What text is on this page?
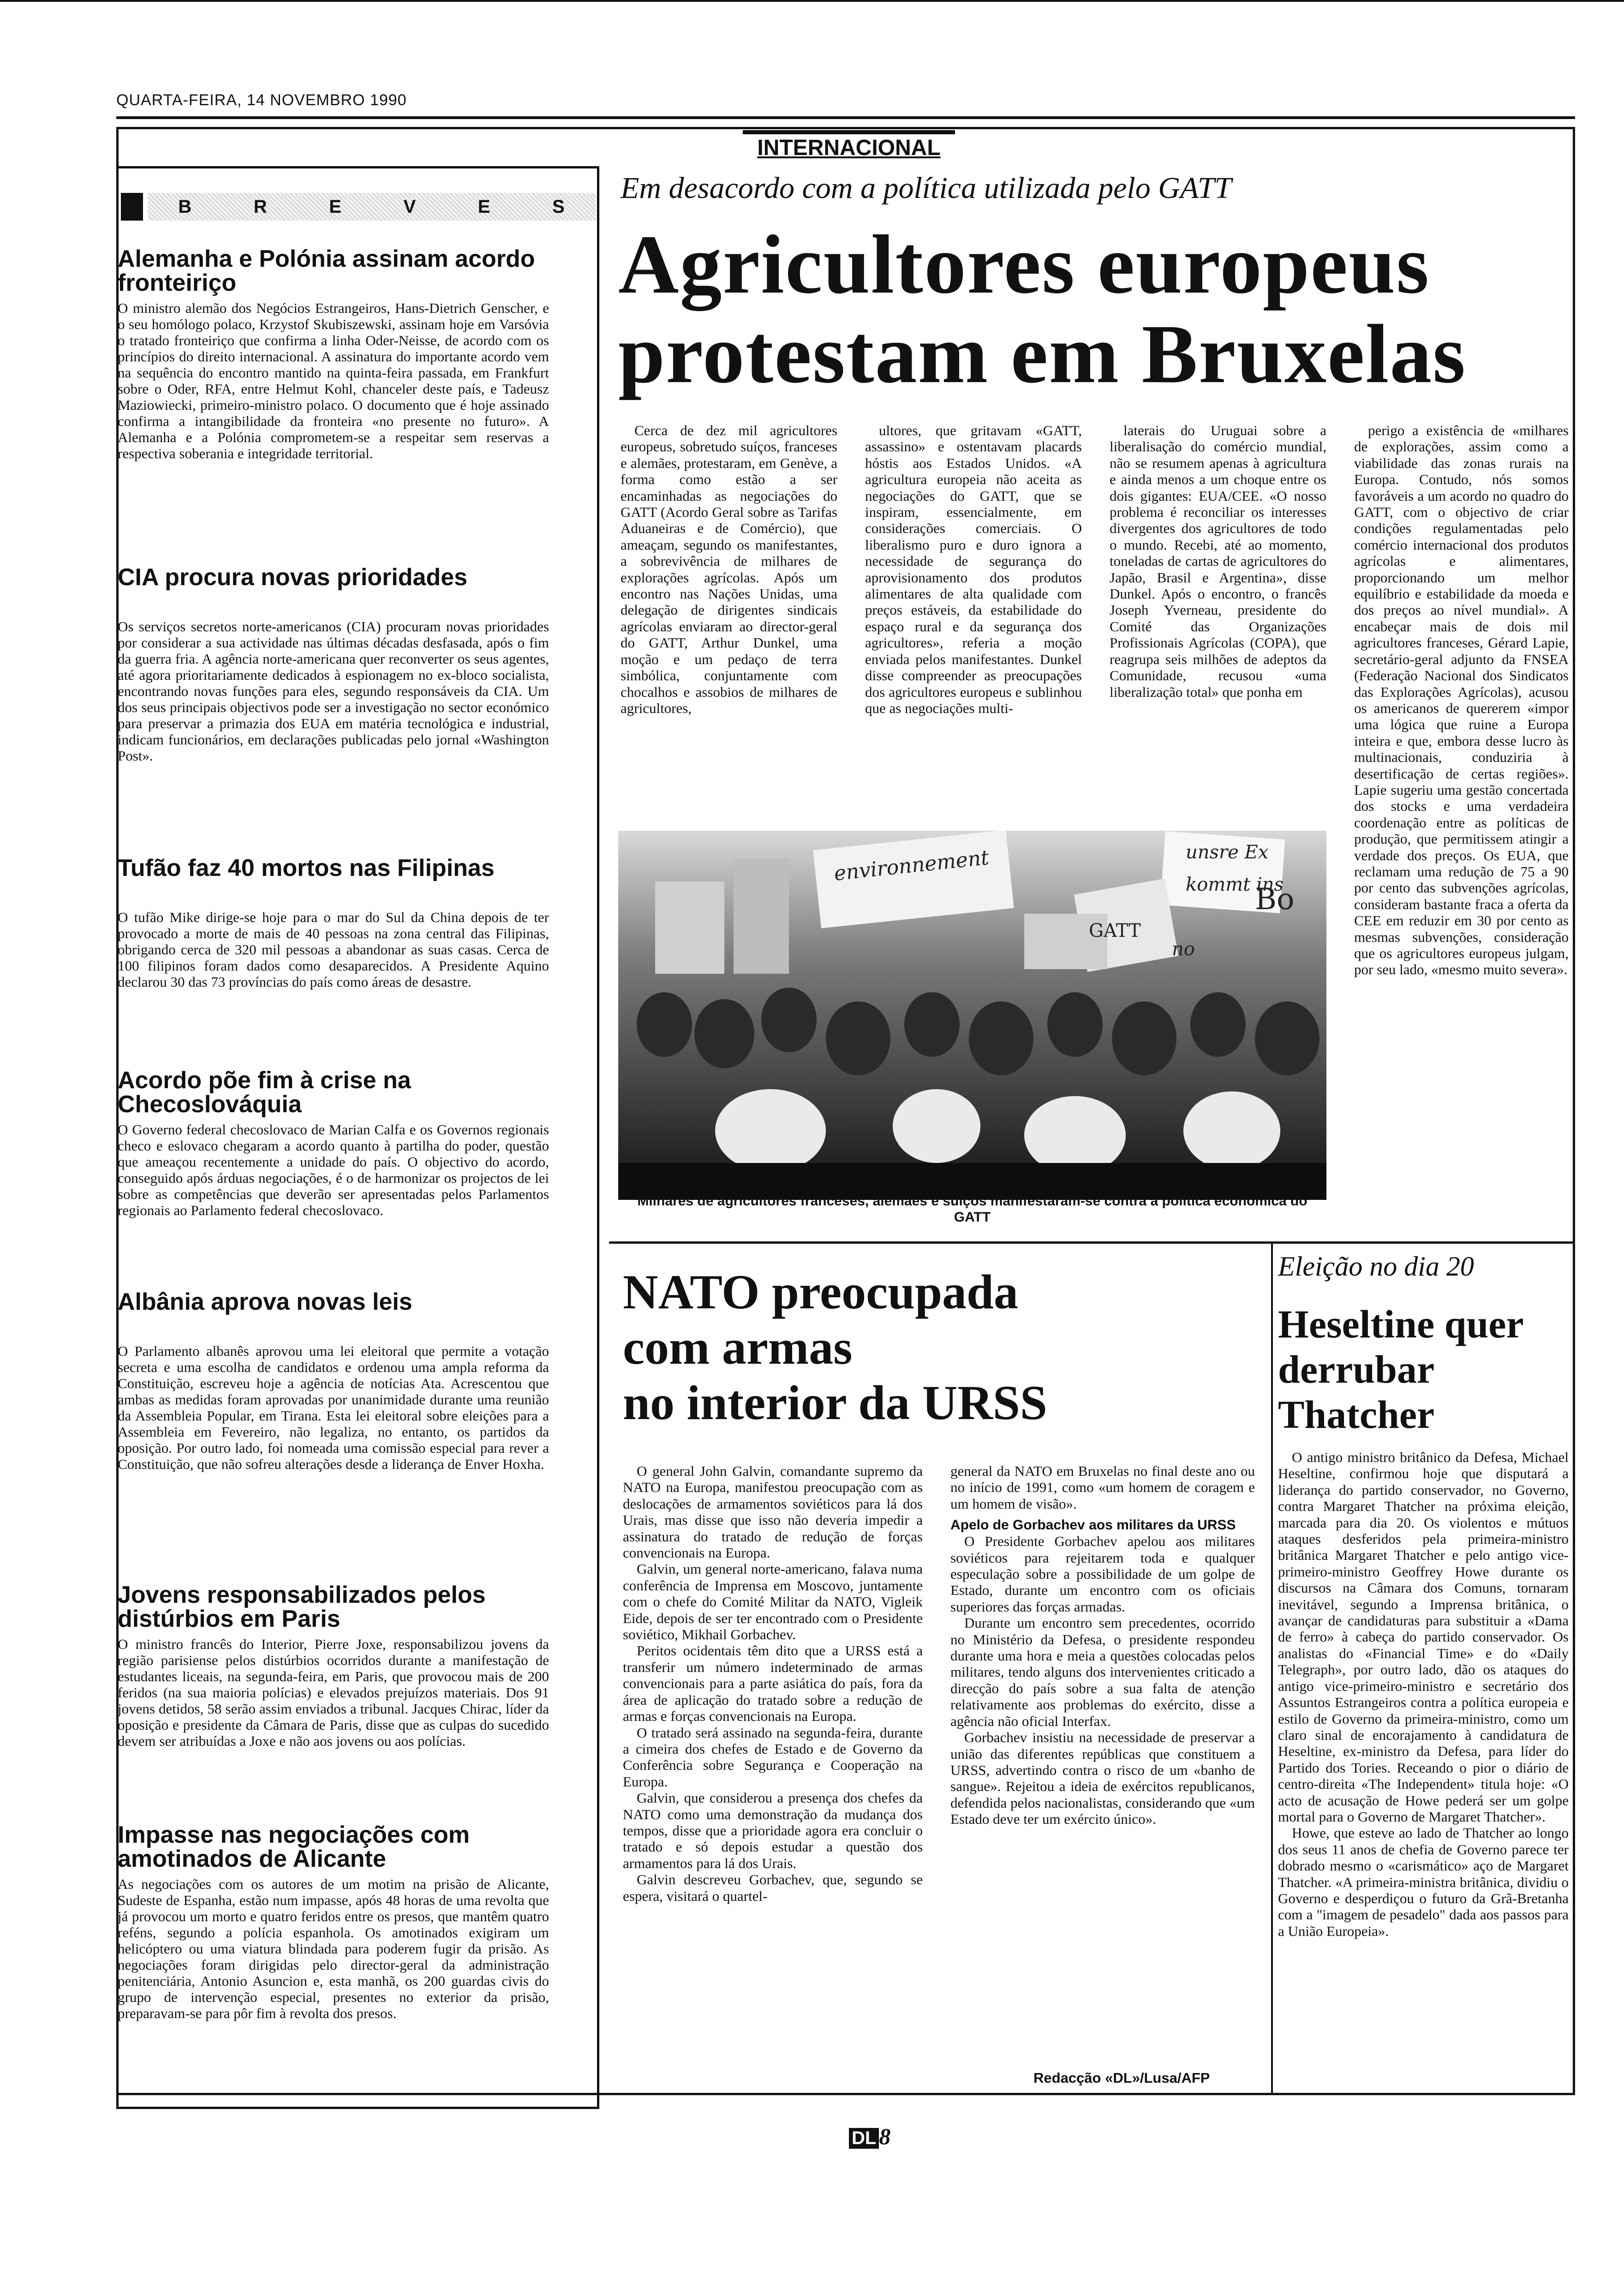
QUARTA-FEIRA, 14 NOVEMBRO 1990
B	R	E	V	E	S
Alemanha e Polónia assinam acordo fronteiriço
O ministro alemão dos Negócios Estrangeiros, Hans-Dietrich Genscher, e o seu homólogo polaco, Krzystof Skubiszewski, assinam hoje em Varsóvia o tratado fronteiriço que confirma a linha Oder-Neisse, de acordo com os princípios do direito internacional. A assinatura do importante acordo vem na sequência do encontro mantido na quinta-feira passada, em Frankfurt sobre o Oder, RFA, entre Helmut Kohl, chanceler deste país, e Tadeusz Maziowiecki, primeiro-ministro polaco. O documento que é hoje assinado confirma a intangibilidade da fronteira «no presente no futuro». A Alemanha e a Polónia comprometem-se a respeitar sem reservas a respectiva soberania e integridade territorial.
CIA procura novas prioridades
Os serviços secretos norte-americanos (CIA) procuram novas prioridades por considerar a sua actividade nas últimas décadas desfasada, após o fim da guerra fria. A agência norte-americana quer reconverter os seus agentes, até agora prioritariamente dedicados à espionagem no ex-bloco socialista, encontrando novas funções para eles, segundo responsáveis da CIA. Um dos seus principais objectivos pode ser a investigação no sector económico para preservar a primazia dos EUA em matéria tecnológica e industrial, indicam funcionários, em declarações publicadas pelo jornal «Washington Post».
Tufão faz 40 mortos nas Filipinas
O tufão Mike dirige-se hoje para o mar do Sul da China depois de ter provocado a morte de mais de 40 pessoas na zona central das Filipinas, obrigando cerca de 320 mil pessoas a abandonar as suas casas. Cerca de 100 filipinos foram dados como desaparecidos. A Presidente Aquino declarou 30 das 73 províncias do país como áreas de desastre.
Acordo põe fim à crise na Checoslováquia
O Governo federal checoslovaco de Marian Calfa e os Governos regionais checo e eslovaco chegaram a acordo quanto à partilha do poder, questão que ameaçou recentemente a unidade do país. O objectivo do acordo, conseguido após árduas negociações, é o de harmonizar os projectos de lei sobre as competências que deverão ser apresentadas pelos Parlamentos regionais ao Parlamento federal checoslovaco.
Albânia aprova novas leis
O Parlamento albanês aprovou uma lei eleitoral que permite a votação secreta e uma escolha de candidatos e ordenou uma ampla reforma da Constituição, escreveu hoje a agência de notícias Ata. Acrescentou que ambas as medidas foram aprovadas por unanimidade durante uma reunião da Assembleia Popular, em Tirana. Esta lei eleitoral sobre eleições para a Assembleia em Fevereiro, não legaliza, no entanto, os partidos da oposição. Por outro lado, foi nomeada uma comissão especial para rever a Constituição, que não sofreu alterações desde a liderança de Enver Hoxha.
Jovens responsabilizados pelos distúrbios em Paris
O ministro francês do Interior, Pierre Joxe, responsabilizou jovens da região parisiense pelos distúrbios ocorridos durante a manifestação de estudantes liceais, na segunda-feira, em Paris, que provocou mais de 200 feridos (na sua maioria polícias) e elevados prejuízos materiais. Dos 91 jovens detidos, 58 serão assim enviados a tribunal. Jacques Chirac, líder da oposição e presidente da Câmara de Paris, disse que as culpas do sucedido devem ser atribuídas a Joxe e não aos jovens ou aos polícias.
Impasse nas negociações com amotinados de Alicante
As negociações com os autores de um motim na prisão de Alicante, Sudeste de Espanha, estão num impasse, após 48 horas de uma revolta que já provocou um morto e quatro feridos entre os presos, que mantêm quatro reféns, segundo a polícia espanhola. Os amotinados exigiram um helicóptero ou uma viatura blindada para poderem fugir da prisão. As negociações foram dirigidas pelo director-geral da administração penitenciária, Antonio Asuncion e, esta manhã, os 200 guardas civis do grupo de intervenção especial, presentes no exterior da prisão, preparavam-se para pôr fim à revolta dos presos.
INTERNACIONAL
Em desacordo com a política utilizada pelo GATT
Agricultores europeus
protestam em Bruxelas

Cerca de dez mil agricultores europeus, sobretudo suíços, franceses e alemães, protestaram, em Genève, a forma como estão a ser encaminhadas as negociações do GATT (Acordo Geral sobre as Tarifas Aduaneiras e de Comércio), que ameaçam, segundo os manifestantes, a sobrevivência de milhares de explorações agrícolas. Após um encontro nas Nações Unidas, uma delegação de dirigentes sindicais agrícolas enviaram ao director-geral do GATT, Arthur Dunkel, uma moção e um pedaço de terra simbólica, conjuntamente com chocalhos e assobios de milhares de agricultores,

ultores, que gritavam «GATT, assassino» e ostentavam placards hóstis aos Estados Unidos. «A agricultura europeia não aceita as negociações do GATT, que se inspiram, essencialmente, em considerações comerciais. O liberalismo puro e duro ignora a necessidade de segurança do aprovisionamento dos produtos alimentares de alta qualidade com preços estáveis, da estabilidade do espaço rural e da segurança dos agricultores», referia a moção enviada pelos manifestantes. Dunkel disse compreender as preocupações dos agricultores europeus e sublinhou que as negociações multi-

laterais do Uruguai sobre a liberalisação do comércio mundial, não se resumem apenas à agricultura e ainda menos a um choque entre os dois gigantes: EUA/CEE. «O nosso problema é reconciliar os interesses divergentes dos agricultores de todo o mundo. Recebi, até ao momento, toneladas de cartas de agricultores do Japão, Brasil e Argentina», disse Dunkel. Após o encontro, o francês Joseph Yverneau, presidente do Comité das Organizações Profissionais Agrícolas (COPA), que reagrupa seis milhões de adeptos da Comunidade, recusou «uma liberalização total» que ponha em

perigo a existência de «milhares de explorações, assim como a viabilidade das zonas rurais na Europa. Contudo, nós somos favoráveis a um acordo no quadro do GATT, com o objectivo de criar condições regulamentadas pelo comércio internacional dos produtos agrícolas e alimentares, proporcionando um melhor equilíbrio e estabilidade da moeda e dos preços ao nível mundial». A encabeçar mais de dois mil agricultores franceses, Gérard Lapie, secretário-geral adjunto da FNSEA (Federação Nacional dos Sindicatos das Explorações Agrícolas), acusou os americanos de quererem «impor uma lógica que ruine a Europa inteira e que, embora desse lucro às multinacionais, conduziria à desertificação de certas regiões». Lapie sugeriu uma gestão concertada dos stocks e uma verdadeira coordenação entre as políticas de produção, que permitissem atingir a verdade dos preços. Os EUA, que reclamam uma redução de 75 a 90 por cento das subvenções agrícolas, consideram bastante fraca a oferta da CEE em reduzir em 30 por cento as mesmas subvenções, consideração que os agricultores europeus julgam, por seu lado, «mesmo muito severa».

environnement	unsre Ex
kommt ins
Bo
GATT
no
Milhares de agricultores franceses, alemães e suíços manifestaram-se contra a política económica do GATT
NATO preocupada
com armas
no interior da URSS

O general John Galvin, comandante supremo da NATO na Europa, manifestou preocupação com as deslocações de armamentos soviéticos para lá dos Urais, mas disse que isso não deveria impedir a assinatura do tratado de redução de forças convencionais na Europa.

Galvin, um general norte-americano, falava numa conferência de Imprensa em Moscovo, juntamente com o chefe do Comité Militar da NATO, Vigleik Eide, depois de ser ter encontrado com o Presidente soviético, Mikhail Gorbachev.

Peritos ocidentais têm dito que a URSS está a transferir um número indeterminado de armas convencionais para a parte asiática do país, fora da área de aplicação do tratado sobre a redução de armas e forças convencionais na Europa.

O tratado será assinado na segunda-feira, durante a cimeira dos chefes de Estado e de Governo da Conferência sobre Segurança e Cooperação na Europa.

Galvin, que considerou a presença dos chefes da NATO como uma demonstração da mudança dos tempos, disse que a prioridade agora era concluir o tratado e só depois estudar a questão dos armamentos para lá dos Urais.

Galvin descreveu Gorbachev, que, segundo se espera, visitará o quartel-

general da NATO em Bruxelas no final deste ano ou no início de 1991, como «um homem de coragem e um homem de visão».

Apelo de Gorbachev aos militares da URSS

O Presidente Gorbachev apelou aos militares soviéticos para rejeitarem toda e qualquer especulação sobre a possibilidade de um golpe de Estado, durante um encontro com os oficiais superiores das forças armadas.

Durante um encontro sem precedentes, ocorrido no Ministério da Defesa, o presidente respondeu durante uma hora e meia a questões colocadas pelos militares, tendo alguns dos intervenientes criticado a direcção do país sobre a sua falta de atenção relativamente aos problemas do exército, disse a agência não oficial Interfax.

Gorbachev insistiu na necessidade de preservar a união das diferentes repúblicas que constituem a URSS, advertindo contra o risco de um «banho de sangue». Rejeitou a ideia de exércitos republicanos, defendida pelos nacionalistas, considerando que «um Estado deve ter um exército único».

Redacção «DL»/Lusa/AFP
Eleição no dia 20
Heseltine quer
derrubar
Thatcher

O antigo ministro britânico da Defesa, Michael Heseltine, confirmou hoje que disputará a liderança do partido conservador, no Governo, contra Margaret Thatcher na próxima eleição, marcada para dia 20. Os violentos e mútuos ataques desferidos pela primeira-ministro britânica Margaret Thatcher e pelo antigo vice-primeiro-ministro Geoffrey Howe durante os discursos na Câmara dos Comuns, tornaram inevitável, segundo a Imprensa britânica, o avançar de candidaturas para substituir a «Dama de ferro» à cabeça do partido conservador. Os analistas do «Financial Time» e do «Daily Telegraph», por outro lado, dão os ataques do antigo vice-primeiro-ministro e secretário dos Assuntos Estrangeiros contra a política europeia e estilo de Governo da primeira-ministro, como um claro sinal de encorajamento à candidatura de Heseltine, ex-ministro da Defesa, para líder do Partido dos Tories. Receando o pior o diário de centro-direita «The Independent» titula hoje: «O acto de acusação de Howe pederá ser um golpe mortal para o Governo de Margaret Thatcher».

Howe, que esteve ao lado de Thatcher ao longo dos seus 11 anos de chefia de Governo parece ter dobrado mesmo o «carismático» aço de Margaret Thatcher. «A primeira-ministra britânica, dividiu o Governo e desperdiçou o futuro da Grã-Bretanha com a "imagem de pesadelo" dada aos passos para a União Europeia».

DL 8
